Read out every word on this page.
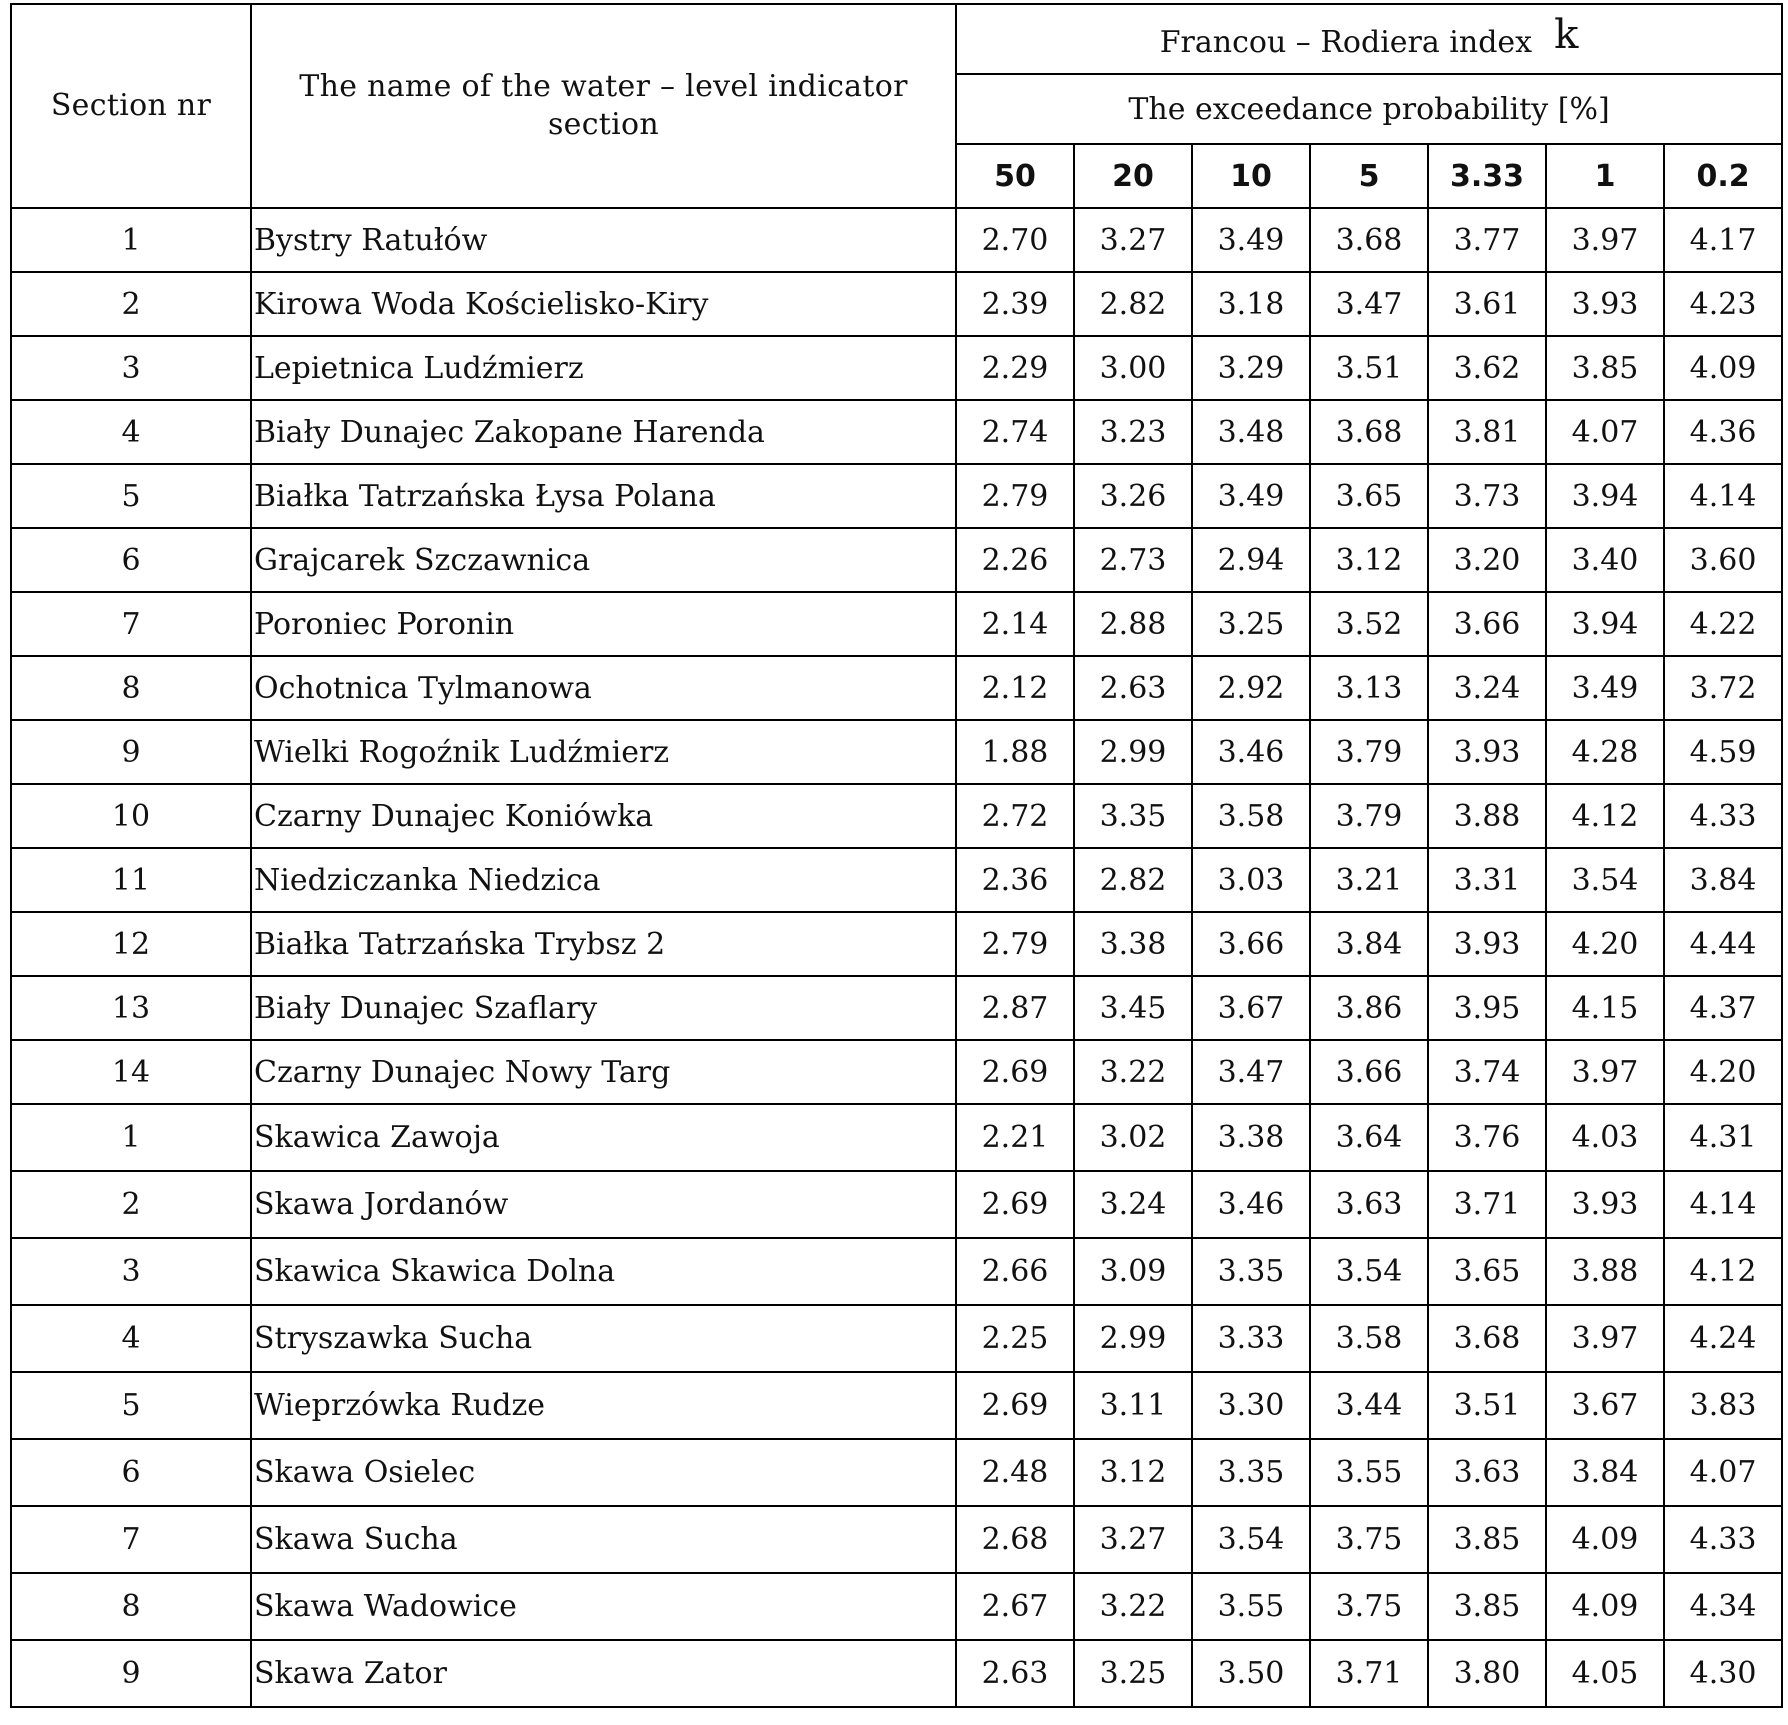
Section nr	The name of the water – level indicator section	Francou – Rodiera index k						
		The exceedance probability [%]						
		50	20	10	5	3.33	1	0.2
1	Bystry Ratułów	2.70	3.27	3.49	3.68	3.77	3.97	4.17
2	Kirowa Woda Kościelisko-Kiry	2.39	2.82	3.18	3.47	3.61	3.93	4.23
3	Lepietnica Ludźmierz	2.29	3.00	3.29	3.51	3.62	3.85	4.09
4	Biały Dunajec Zakopane Harenda	2.74	3.23	3.48	3.68	3.81	4.07	4.36
5	Białka Tatrzańska Łysa Polana	2.79	3.26	3.49	3.65	3.73	3.94	4.14
6	Grajcarek Szczawnica	2.26	2.73	2.94	3.12	3.20	3.40	3.60
7	Poroniec Poronin	2.14	2.88	3.25	3.52	3.66	3.94	4.22
8	Ochotnica Tylmanowa	2.12	2.63	2.92	3.13	3.24	3.49	3.72
9	Wielki Rogoźnik Ludźmierz	1.88	2.99	3.46	3.79	3.93	4.28	4.59
10	Czarny Dunajec Koniówka	2.72	3.35	3.58	3.79	3.88	4.12	4.33
11	Niedziczanka Niedzica	2.36	2.82	3.03	3.21	3.31	3.54	3.84
12	Białka Tatrzańska Trybsz 2	2.79	3.38	3.66	3.84	3.93	4.20	4.44
13	Biały Dunajec Szaflary	2.87	3.45	3.67	3.86	3.95	4.15	4.37
14	Czarny Dunajec Nowy Targ	2.69	3.22	3.47	3.66	3.74	3.97	4.20
1	Skawica Zawoja	2.21	3.02	3.38	3.64	3.76	4.03	4.31
2	Skawa Jordanów	2.69	3.24	3.46	3.63	3.71	3.93	4.14
3	Skawica Skawica Dolna	2.66	3.09	3.35	3.54	3.65	3.88	4.12
4	Stryszawka Sucha	2.25	2.99	3.33	3.58	3.68	3.97	4.24
5	Wieprzówka Rudze	2.69	3.11	3.30	3.44	3.51	3.67	3.83
6	Skawa Osielec	2.48	3.12	3.35	3.55	3.63	3.84	4.07
7	Skawa Sucha	2.68	3.27	3.54	3.75	3.85	4.09	4.33
8	Skawa Wadowice	2.67	3.22	3.55	3.75	3.85	4.09	4.34
9	Skawa Zator	2.63	3.25	3.50	3.71	3.80	4.05	4.30
